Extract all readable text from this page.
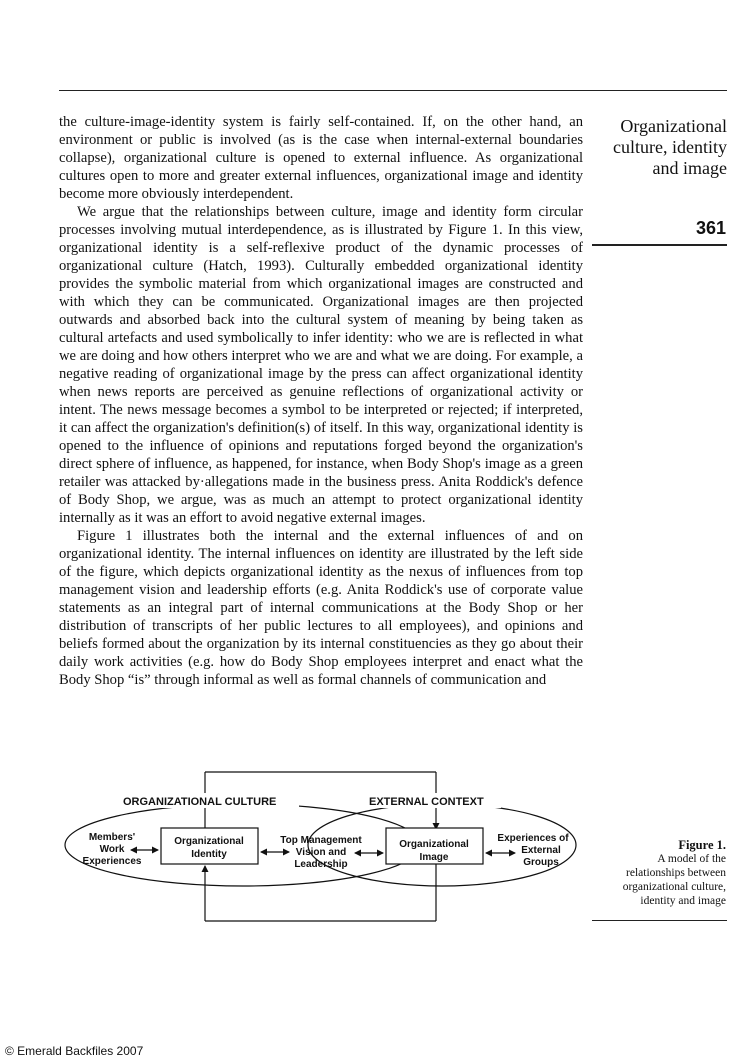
the culture-image-identity system is fairly self-contained. If, on the other hand, an environment or public is involved (as is the case when internal-external boundaries collapse), organizational culture is opened to external influence. As organizational cultures open to more and greater external influences, organizational image and identity become more obviously interdependent.

We argue that the relationships between culture, image and identity form circular processes involving mutual interdependence, as is illustrated by Figure 1. In this view, organizational identity is a self-reflexive product of the dynamic processes of organizational culture (Hatch, 1993). Culturally embedded organizational identity provides the symbolic material from which organizational images are constructed and with which they can be communicated. Organizational images are then projected outwards and absorbed back into the cultural system of meaning by being taken as cultural artefacts and used symbolically to infer identity: who we are is reflected in what we are doing and how others interpret who we are and what we are doing. For example, a negative reading of organizational image by the press can affect organizational identity when news reports are perceived as genuine reflections of organizational activity or intent. The news message becomes a symbol to be interpreted or rejected; if interpreted, it can affect the organization's definition(s) of itself. In this way, organizational identity is opened to the influence of opinions and reputations forged beyond the organization's direct sphere of influence, as happened, for instance, when Body Shop's image as a green retailer was attacked by·allegations made in the business press. Anita Roddick's defence of Body Shop, we argue, was as much an attempt to protect organizational identity internally as it was an effort to avoid negative external images.

Figure 1 illustrates both the internal and the external influences of and on organizational identity. The internal influences on identity are illustrated by the left side of the figure, which depicts organizational identity as the nexus of influences from top management vision and leadership efforts (e.g. Anita Roddick's use of corporate value statements as an integral part of internal communications at the Body Shop or her distribution of transcripts of her public lectures to all employees), and opinions and beliefs formed about the organization by its internal constituencies as they go about their daily work activities (e.g. how do Body Shop employees interpret and enact what the Body Shop “is” through informal as well as formal channels of communication and

Organizational
culture, identity
and image
361
ORGANIZATIONAL CULTURE	EXTERNAL CONTEXT
Organizational
Identity
Organizational
Image
Members'
Work
Experiences
Top Management
Vision and
Leadership
Experiences of
External
Groups
Figure 1.
A model of the
relationships between
organizational culture,
identity and image
© Emerald Backfiles 2007
